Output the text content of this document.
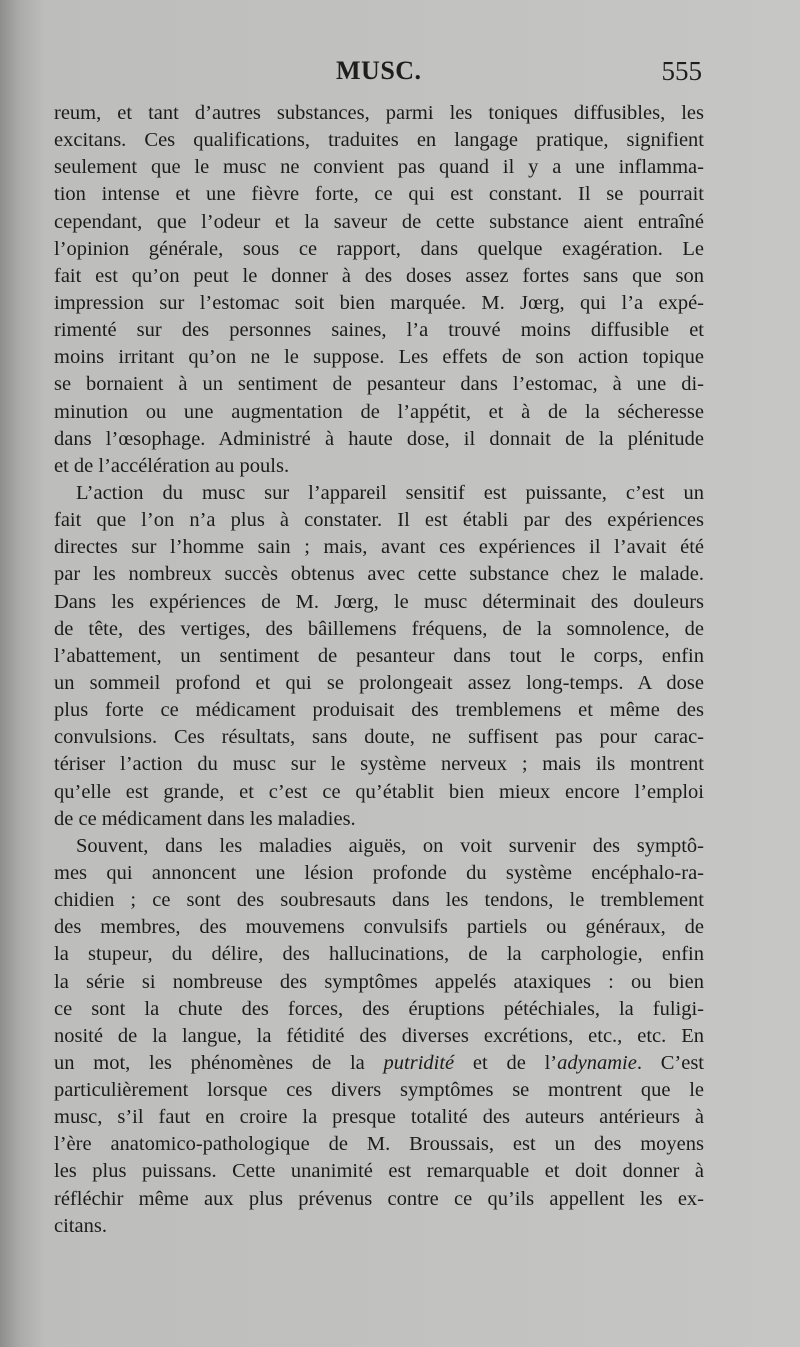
MUSC.	555
reum, et tant d’autres substances, parmi les toniques diffusibles, les
excitans. Ces qualifications, traduites en langage pratique, signifient
seulement que le musc ne convient pas quand il y a une inflamma-
tion intense et une fièvre forte, ce qui est constant. Il se pourrait
cependant, que l’odeur et la saveur de cette substance aient entraîné
l’opinion générale, sous ce rapport, dans quelque exagération. Le
fait est qu’on peut le donner à des doses assez fortes sans que son
impression sur l’estomac soit bien marquée. M. Jœrg, qui l’a expé-
rimenté sur des personnes saines, l’a trouvé moins diffusible et
moins irritant qu’on ne le suppose. Les effets de son action topique
se bornaient à un sentiment de pesanteur dans l’estomac, à une di-
minution ou une augmentation de l’appétit, et à de la sécheresse
dans l’œsophage. Administré à haute dose, il donnait de la plénitude
et de l’accélération au pouls.
L’action du musc sur l’appareil sensitif est puissante, c’est un
fait que l’on n’a plus à constater. Il est établi par des expériences
directes sur l’homme sain ; mais, avant ces expériences il l’avait été
par les nombreux succès obtenus avec cette substance chez le malade.
Dans les expériences de M. Jœrg, le musc déterminait des douleurs
de tête, des vertiges, des bâillemens fréquens, de la somnolence, de
l’abattement, un sentiment de pesanteur dans tout le corps, enfin
un sommeil profond et qui se prolongeait assez long-temps. A dose
plus forte ce médicament produisait des tremblemens et même des
convulsions. Ces résultats, sans doute, ne suffisent pas pour carac-
tériser l’action du musc sur le système nerveux ; mais ils montrent
qu’elle est grande, et c’est ce qu’établit bien mieux encore l’emploi
de ce médicament dans les maladies.
Souvent, dans les maladies aiguës, on voit survenir des symptô-
mes qui annoncent une lésion profonde du système encéphalo-ra-
chidien ; ce sont des soubresauts dans les tendons, le tremblement
des membres, des mouvemens convulsifs partiels ou généraux, de
la stupeur, du délire, des hallucinations, de la carphologie, enfin
la série si nombreuse des symptômes appelés ataxiques : ou bien
ce sont la chute des forces, des éruptions pétéchiales, la fuligi-
nosité de la langue, la fétidité des diverses excrétions, etc., etc. En
un mot, les phénomènes de la putridité et de l’adynamie. C’est
particulièrement lorsque ces divers symptômes se montrent que le
musc, s’il faut en croire la presque totalité des auteurs antérieurs à
l’ère anatomico-pathologique de M. Broussais, est un des moyens
les plus puissans. Cette unanimité est remarquable et doit donner à
réfléchir même aux plus prévenus contre ce qu’ils appellent les ex-
citans.
